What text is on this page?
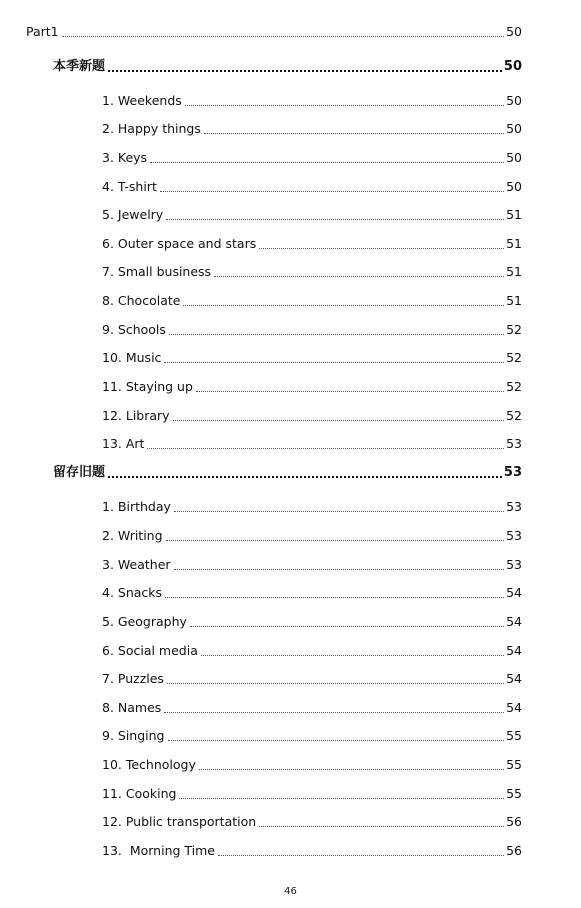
Part1	50
本季新题	50
1. Weekends	50
2. Happy things	50
3. Keys	50
4. T-shirt	50
5. Jewelry	51
6. Outer space and stars	51
7. Small business	51
8. Chocolate	51
9. Schools	52
10. Music	52
11. Staying up	52
12. Library	52
13. Art	53
留存旧题	53
1. Birthday	53
2. Writing	53
3. Weather	53
4. Snacks	54
5. Geography	54
6. Social media	54
7. Puzzles	54
8. Names	54
9. Singing	55
10. Technology	55
11. Cooking	55
12. Public transportation	56
13.  Morning Time	56
46
